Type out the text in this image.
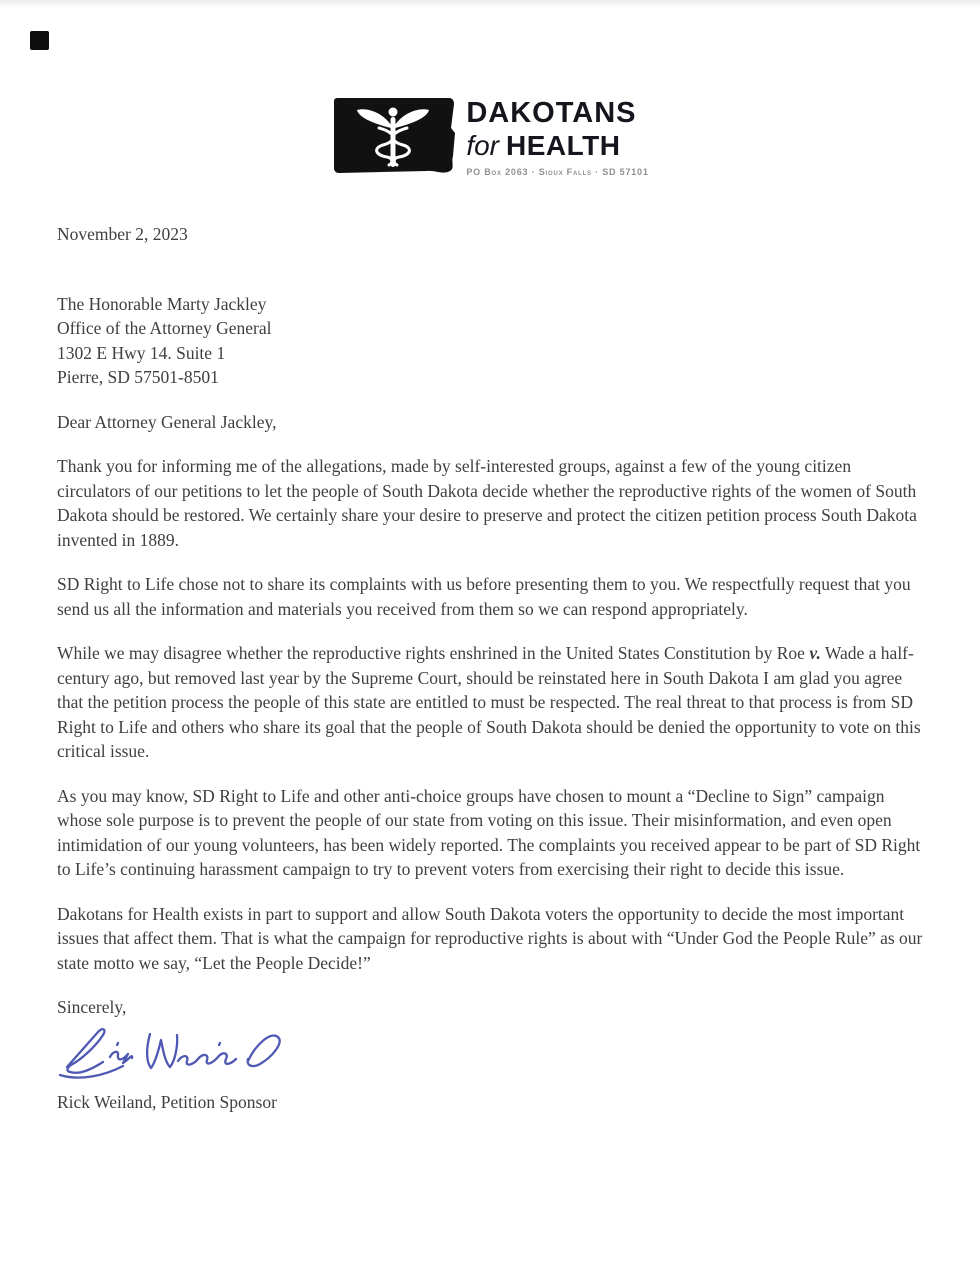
DAKOTANS
for HEALTH
PO Box 2063 · Sioux Falls · SD 57101

November 2, 2023

The Honorable Marty Jackley
Office of the Attorney General
1302 E Hwy 14. Suite 1
Pierre, SD 57501-8501

Dear Attorney General Jackley,

Thank you for informing me of the allegations, made by self-interested groups, against a few of the young citizen circulators of our petitions to let the people of South Dakota decide whether the reproductive rights of the women of South Dakota should be restored. We certainly share your desire to preserve and protect the citizen petition process South Dakota invented in 1889.

SD Right to Life chose not to share its complaints with us before presenting them to you. We respectfully request that you send us all the information and materials you received from them so we can respond appropriately.

While we may disagree whether the reproductive rights enshrined in the United States Constitution by Roe v. Wade a half-century ago, but removed last year by the Supreme Court, should be reinstated here in South Dakota I am glad you agree that the petition process the people of this state are entitled to must be respected. The real threat to that process is from SD Right to Life and others who share its goal that the people of South Dakota should be denied the opportunity to vote on this critical issue.

As you may know, SD Right to Life and other anti-choice groups have chosen to mount a “Decline to Sign” campaign whose sole purpose is to prevent the people of our state from voting on this issue. Their misinformation, and even open intimidation of our young volunteers, has been widely reported. The complaints you received appear to be part of SD Right to Life’s continuing harassment campaign to try to prevent voters from exercising their right to decide this issue.

Dakotans for Health exists in part to support and allow South Dakota voters the opportunity to decide the most important issues that affect them. That is what the campaign for reproductive rights is about with “Under God the People Rule” as our state motto we say, “Let the People Decide!”

Sincerely,

Rick Weiland, Petition Sponsor
